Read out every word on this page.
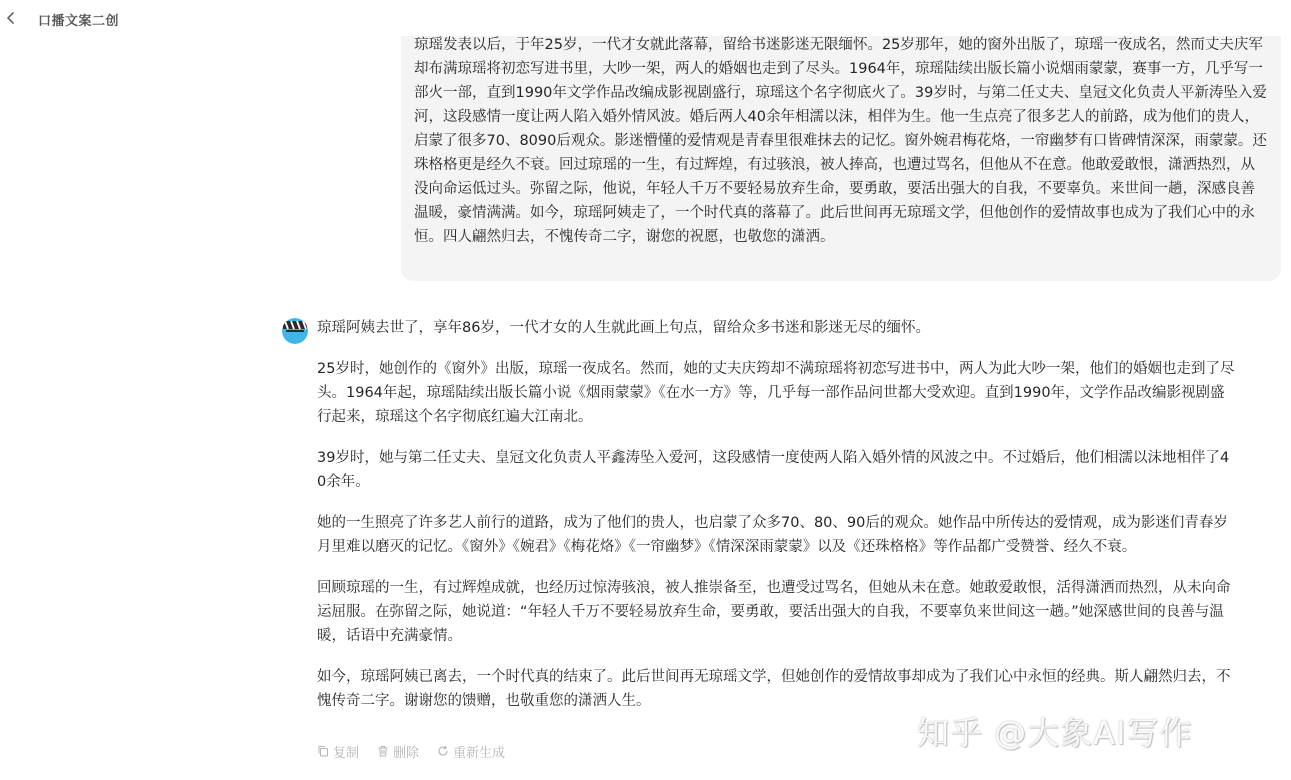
口播文案二创

琼瑶发表以后，于年25岁，一代才女就此落幕，留给书迷影迷无限缅怀。25岁那年，她的窗外出版了，琼瑶一夜成名，然而丈夫庆军却布满琼瑶将初恋写进书里，大吵一架，两人的婚姻也走到了尽头。1964年，琼瑶陆续出版长篇小说烟雨蒙蒙，赛事一方，几乎写一部火一部，直到1990年文学作品改编成影视剧盛行，琼瑶这个名字彻底火了。39岁时，与第二任丈夫、皇冠文化负责人平新涛坠入爱河，这段感情一度让两人陷入婚外情风波。婚后两人40余年相濡以沫，相伴为生。他一生点亮了很多艺人的前路，成为他们的贵人，启蒙了很多70、8090后观众。影迷懵懂的爱情观是青春里很难抹去的记忆。窗外婉君梅花烙，一帘幽梦有口皆碑情深深，雨蒙蒙。还珠格格更是经久不衰。回过琼瑶的一生，有过辉煌，有过骇浪，被人捧高，也遭过骂名，但他从不在意。他敢爱敢恨，潇洒热烈，从没向命运低过头。弥留之际，他说，年轻人千万不要轻易放弃生命，要勇敢，要活出强大的自我，不要辜负。来世间一趟，深感良善温暖，豪情满满。如今，琼瑶阿姨走了，一个时代真的落幕了。此后世间再无琼瑶文学，但他创作的爱情故事也成为了我们心中的永恒。四人翩然归去，不愧传奇二字，谢您的祝愿，也敬您的潇洒。

琼瑶阿姨去世了，享年86岁，一代才女的人生就此画上句点，留给众多书迷和影迷无尽的缅怀。

25岁时，她创作的《窗外》出版，琼瑶一夜成名。然而，她的丈夫庆筠却不满琼瑶将初恋写进书中，两人为此大吵一架，他们的婚姻也走到了尽头。1964年起，琼瑶陆续出版长篇小说《烟雨蒙蒙》《在水一方》等，几乎每一部作品问世都大受欢迎。直到1990年，文学作品改编影视剧盛行起来，琼瑶这个名字彻底红遍大江南北。

39岁时，她与第二任丈夫、皇冠文化负责人平鑫涛坠入爱河，这段感情一度使两人陷入婚外情的风波之中。不过婚后，他们相濡以沫地相伴了40余年。

她的一生照亮了许多艺人前行的道路，成为了他们的贵人，也启蒙了众多70、80、90后的观众。她作品中所传达的爱情观，成为影迷们青春岁月里难以磨灭的记忆。《窗外》《婉君》《梅花烙》《一帘幽梦》《情深深雨蒙蒙》以及《还珠格格》等作品都广受赞誉、经久不衰。

回顾琼瑶的一生，有过辉煌成就，也经历过惊涛骇浪，被人推崇备至，也遭受过骂名，但她从未在意。她敢爱敢恨，活得潇洒而热烈，从未向命运屈服。在弥留之际，她说道：“年轻人千万不要轻易放弃生命，要勇敢，要活出强大的自我，不要辜负来世间这一趟。”她深感世间的良善与温暖，话语中充满豪情。

如今，琼瑶阿姨已离去，一个时代真的结束了。此后世间再无琼瑶文学，但她创作的爱情故事却成为了我们心中永恒的经典。斯人翩然归去，不愧传奇二字。谢谢您的馈赠，也敬重您的潇洒人生。

复制	删除	重新生成
知乎 @大象AI写作
